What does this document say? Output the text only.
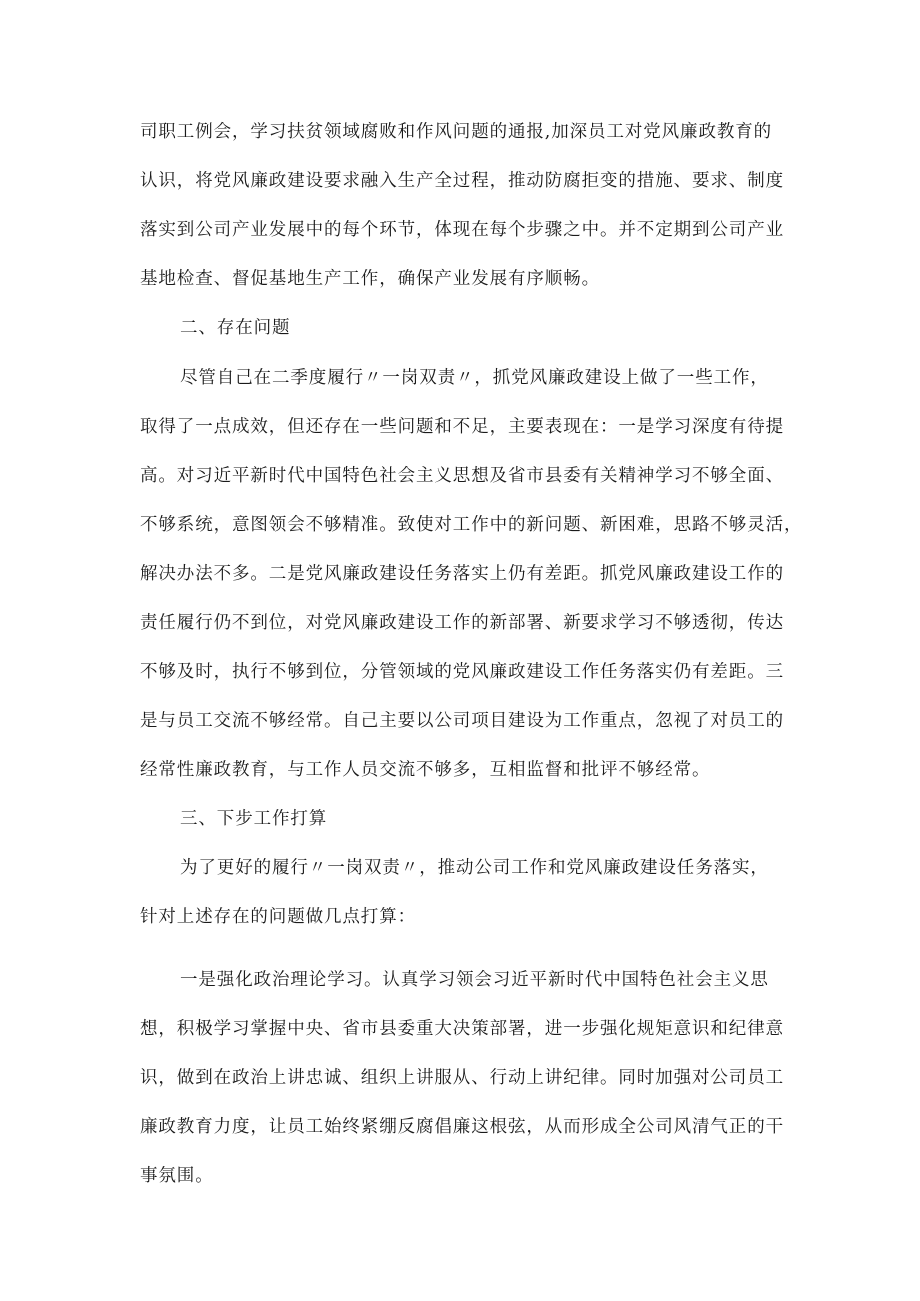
司职工例会，学习扶贫领域腐败和作风问题的通报,加深员工对党风廉政教育的
认识，将党风廉政建设要求融入生产全过程，推动防腐拒变的措施、要求、制度
落实到公司产业发展中的每个环节，体现在每个步骤之中。并不定期到公司产业
基地检查、督促基地生产工作，确保产业发展有序顺畅。
二、存在问题
尽管自己在二季度履行〃一岗双责〃，抓党风廉政建设上做了一些工作，
取得了一点成效，但还存在一些问题和不足，主要表现在：一是学习深度有待提
高。对习近平新时代中国特色社会主义思想及省市县委有关精神学习不够全面、
不够系统，意图领会不够精准。致使对工作中的新问题、新困难，思路不够灵活，
解决办法不多。二是党风廉政建设任务落实上仍有差距。抓党风廉政建设工作的
责任履行仍不到位，对党风廉政建设工作的新部署、新要求学习不够透彻，传达
不够及时，执行不够到位，分管领域的党风廉政建设工作任务落实仍有差距。三
是与员工交流不够经常。自己主要以公司项目建设为工作重点，忽视了对员工的
经常性廉政教育，与工作人员交流不够多，互相监督和批评不够经常。
三、下步工作打算
为了更好的履行〃一岗双责〃，推动公司工作和党风廉政建设任务落实，
针对上述存在的问题做几点打算：
一是强化政治理论学习。认真学习领会习近平新时代中国特色社会主义思
想，积极学习掌握中央、省市县委重大决策部署，进一步强化规矩意识和纪律意
识，做到在政治上讲忠诚、组织上讲服从、行动上讲纪律。同时加强对公司员工
廉政教育力度，让员工始终紧绷反腐倡廉这根弦，从而形成全公司风清气正的干
事氛围。
